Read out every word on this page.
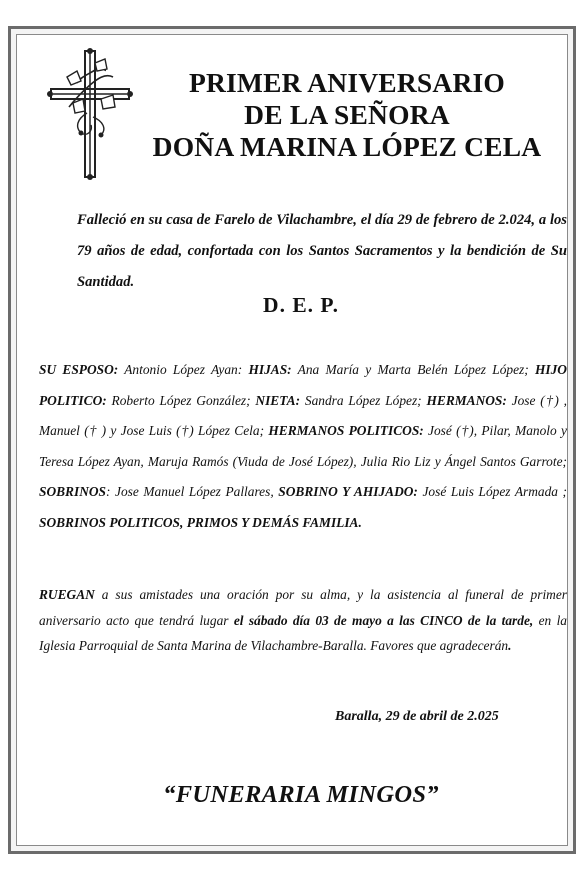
PRIMER ANIVERSARIO
DE LA SEÑORA
DOÑA MARINA LÓPEZ CELA
Falleció en su casa de Farelo de Vilachambre, el día 29 de febrero de 2.024, a los 79 años de edad, confortada con los Santos Sacramentos y la bendición de Su Santidad.
D. E. P.
SU ESPOSO: Antonio López Ayan: HIJAS: Ana María y Marta Belén López López; HIJO POLITICO: Roberto López González; NIETA: Sandra López López; HERMANOS: Jose (†) , Manuel († ) y Jose Luis (†) López Cela; HERMANOS POLITICOS: José (†), Pilar, Manolo y Teresa López Ayan, Maruja Ramós (Viuda de José López), Julia Rio Liz y Ángel Santos Garrote; SOBRINOS: Jose Manuel López Pallares, SOBRINO Y AHIJADO: José Luis López Armada ; SOBRINOS POLITICOS, PRIMOS Y DEMÁS FAMILIA.
RUEGAN a sus amistades una oración por su alma, y la asistencia al funeral de primer aniversario acto que tendrá lugar el sábado día 03 de mayo a las CINCO de la tarde, en la Iglesia Parroquial de Santa Marina de Vilachambre-Baralla. Favores que agradecerán.
Baralla, 29 de abril de 2.025
“FUNERARIA MINGOS”
